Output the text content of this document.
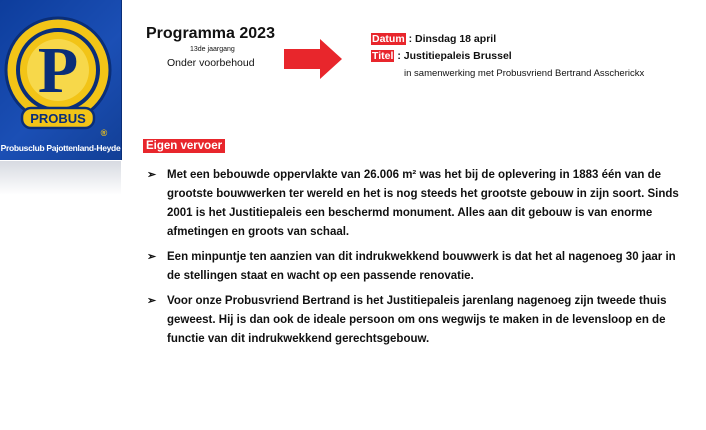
P
PROBUS
®
Probusclub Pajottenland-Heyde
Programma 2023
13de jaargang
Onder voorbehoud
Datum : Dinsdag 18 april
Titel : Justitiepaleis Brussel
in samenwerking met Probusvriend Bertrand Asscherickx
Eigen vervoer
➢ Met een bebouwde oppervlakte van 26.006 m² was het bij de oplevering in 1883 één van de grootste bouwwerken ter wereld en het is nog steeds het grootste gebouw in zijn soort. Sinds 2001 is het Justitiepaleis een beschermd monument. Alles aan dit gebouw is van enorme afmetingen en groots van schaal.
➢ Een minpuntje ten aanzien van dit indrukwekkend bouwwerk is dat het al nagenoeg 30 jaar in de stellingen staat en wacht op een passende renovatie.
➢ Voor onze Probusvriend Bertrand is het Justitiepaleis jarenlang nagenoeg zijn tweede thuis geweest. Hij is dan ook de ideale persoon om ons wegwijs te maken in de levensloop en de functie van dit indrukwekkend gerechtsgebouw.
